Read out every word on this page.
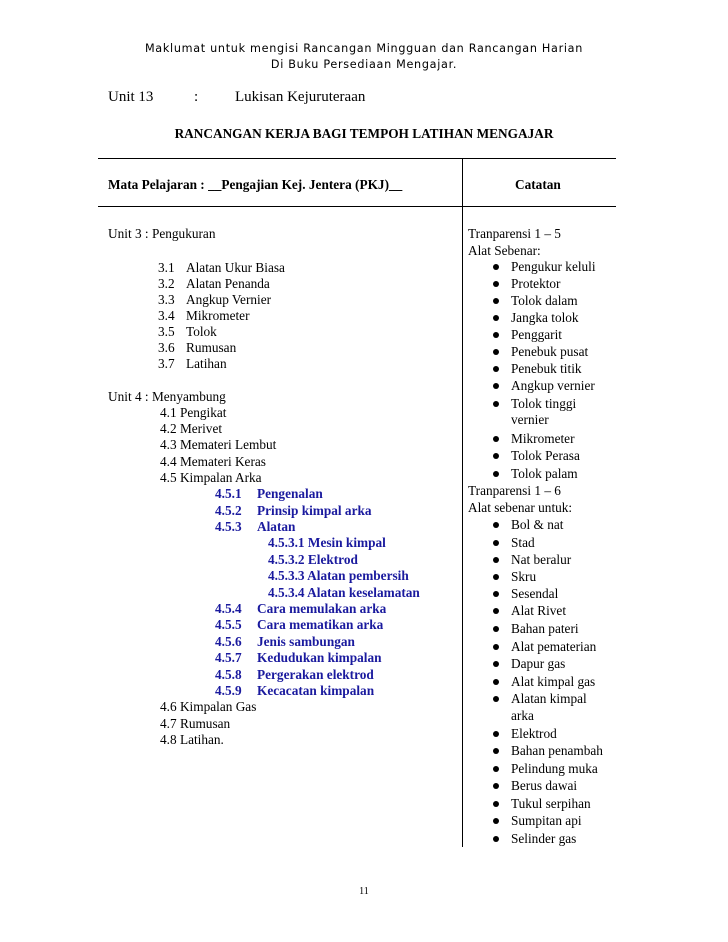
Maklumat untuk mengisi Rancangan Mingguan dan Rancangan Harian
Di Buku Persediaan Mengajar.
Unit 13	: Lukisan Kejuruteraan
RANCANGAN KERJA BAGI TEMPOH LATIHAN MENGAJAR
Mata Pelajaran : __Pengajian Kej. Jentera (PKJ)__	Catatan
Unit 3 : Pengukuran
3.1 Alatan Ukur Biasa
3.2 Alatan Penanda
3.3 Angkup Vernier
3.4 Mikrometer
3.5 Tolok
3.6 Rumusan
3.7 Latihan
Unit 4 : Menyambung
4.1 Pengikat
4.2 Merivet
4.3 Memateri Lembut
4.4 Memateri Keras
4.5 Kimpalan Arka
4.5.1 Pengenalan
4.5.2 Prinsip kimpal arka
4.5.3 Alatan
4.5.3.1 Mesin kimpal
4.5.3.2 Elektrod
4.5.3.3 Alatan pembersih
4.5.3.4 Alatan keselamatan
4.5.4 Cara memulakan arka
4.5.5 Cara mematikan arka
4.5.6 Jenis sambungan
4.5.7 Kedudukan kimpalan
4.5.8 Pergerakan elektrod
4.5.9 Kecacatan kimpalan
4.6 Kimpalan Gas
4.7 Rumusan
4.8 Latihan.
Tranparensi 1 – 5
Alat Sebenar:
Pengukur keluli
Protektor
Tolok dalam
Jangka tolok
Penggarit
Penebuk pusat
Penebuk titik
Angkup vernier
Tolok tinggi
vernier
Mikrometer
Tolok Perasa
Tolok palam
Tranparensi 1 – 6
Alat sebenar untuk:
Bol & nat
Stad
Nat beralur
Skru
Sesendal
Alat Rivet
Bahan pateri
Alat pematerian
Dapur gas
Alat kimpal gas
Alatan kimpal
arka
Elektrod
Bahan penambah
Pelindung muka
Berus dawai
Tukul serpihan
Sumpitan api
Selinder gas
11
